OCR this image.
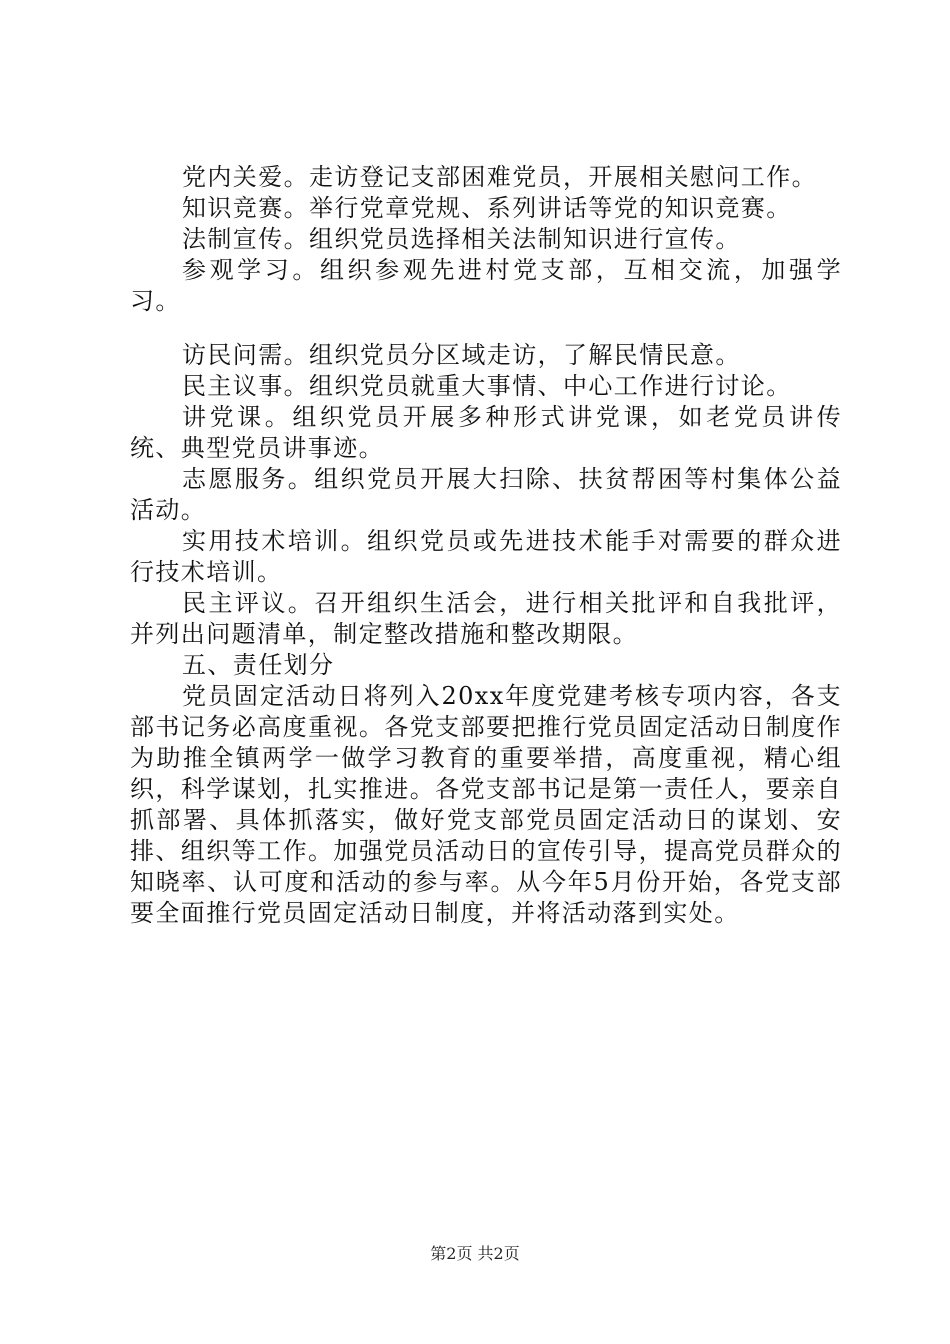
党内关爱。走访登记支部困难党员，开展相关慰问工作。

知识竞赛。举行党章党规、系列讲话等党的知识竞赛。

法制宣传。组织党员选择相关法制知识进行宣传。

参观学习。组织参观先进村党支部，互相交流，加强学习。

访民问需。组织党员分区域走访，了解民情民意。

民主议事。组织党员就重大事情、中心工作进行讨论。

讲党课。组织党员开展多种形式讲党课，如老党员讲传统、典型党员讲事迹。

志愿服务。组织党员开展大扫除、扶贫帮困等村集体公益活动。

实用技术培训。组织党员或先进技术能手对需要的群众进行技术培训。

民主评议。召开组织生活会，进行相关批评和自我批评，并列出问题清单，制定整改措施和整改期限。

五、责任划分

党员固定活动日将列入20xx年度党建考核专项内容，各支部书记务必高度重视。各党支部要把推行党员固定活动日制度作为助推全镇两学一做学习教育的重要举措，高度重视，精心组织，科学谋划，扎实推进。各党支部书记是第一责任人，要亲自抓部署、具体抓落实，做好党支部党员固定活动日的谋划、安排、组织等工作。加强党员活动日的宣传引导，提高党员群众的知晓率、认可度和活动的参与率。从今年5月份开始，各党支部要全面推行党员固定活动日制度，并将活动落到实处。

第2页 共2页
